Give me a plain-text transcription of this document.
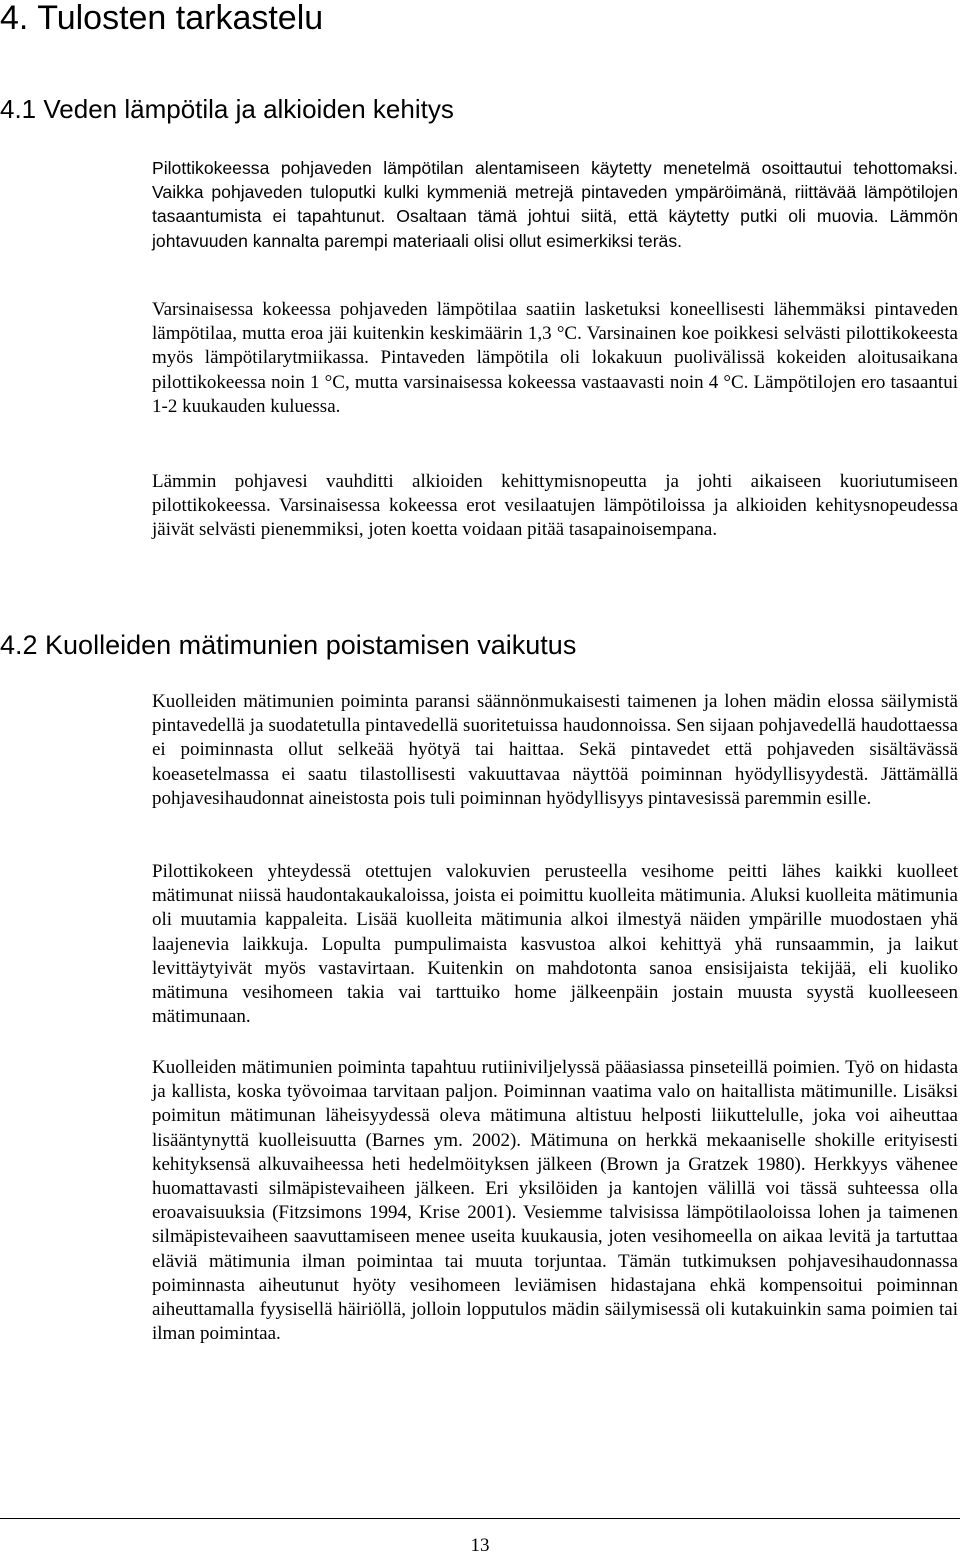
4. Tulosten tarkastelu
4.1 Veden lämpötila ja alkioiden kehitys

Pilottikokeessa pohjaveden lämpötilan alentamiseen käytetty menetelmä osoittautui tehottomaksi. Vaikka pohjaveden tuloputki kulki kymmeniä metrejä pintaveden ympäröimänä, riittävää lämpötilojen tasaantumista ei tapahtunut. Osaltaan tämä johtui siitä, että käytetty putki oli muovia. Lämmön johtavuuden kannalta parempi materiaali olisi ollut esimerkiksi teräs.

Varsinaisessa kokeessa pohjaveden lämpötilaa saatiin lasketuksi koneellisesti lähemmäksi pintaveden lämpötilaa, mutta eroa jäi kuitenkin keskimäärin 1,3 °C. Varsinainen koe poikkesi selvästi pilottikokeesta myös lämpötilarytmiikassa. Pintaveden lämpötila oli lokakuun puolivälissä kokeiden aloitusaikana pilottikokeessa noin 1 °C, mutta varsinaisessa kokeessa vastaavasti noin 4 °C. Lämpötilojen ero tasaantui 1-2 kuukauden kuluessa.

Lämmin pohjavesi vauhditti alkioiden kehittymisnopeutta ja johti aikaiseen kuoriutumiseen pilottikokeessa. Varsinaisessa kokeessa erot vesilaatujen lämpötiloissa ja alkioiden kehitysnopeudessa jäivät selvästi pienemmiksi, joten koetta voidaan pitää tasapainoisempana.

4.2 Kuolleiden mätimunien poistamisen vaikutus

Kuolleiden mätimunien poiminta paransi säännönmukaisesti taimenen ja lohen mädin elossa säilymistä pintavedellä ja suodatetulla pintavedellä suoritetuissa haudonnoissa. Sen sijaan pohjavedellä haudottaessa ei poiminnasta ollut selkeää hyötyä tai haittaa. Sekä pintavedet että pohjaveden sisältävässä koeasetelmassa ei saatu tilastollisesti vakuuttavaa näyttöä poiminnan hyödyllisyydestä. Jättämällä pohjavesihaudonnat aineistosta pois tuli poiminnan hyödyllisyys pintavesissä paremmin esille.

Pilottikokeen yhteydessä otettujen valokuvien perusteella vesihome peitti lähes kaikki kuolleet mätimunat niissä haudontakaukaloissa, joista ei poimittu kuolleita mätimunia. Aluksi kuolleita mätimunia oli muutamia kappaleita. Lisää kuolleita mätimunia alkoi ilmestyä näiden ympärille muodostaen yhä laajenevia laikkuja. Lopulta pumpulimaista kasvustoa alkoi kehittyä yhä runsaammin, ja laikut levittäytyivät myös vastavirtaan. Kuitenkin on mahdotonta sanoa ensisijaista tekijää, eli kuoliko mätimuna vesihomeen takia vai tarttuiko home jälkeenpäin jostain muusta syystä kuolleeseen mätimunaan.

Kuolleiden mätimunien poiminta tapahtuu rutiiniviljelyssä pääasiassa pinseteillä poimien. Työ on hidasta ja kallista, koska työvoimaa tarvitaan paljon. Poiminnan vaatima valo on haitallista mätimunille. Lisäksi poimitun mätimunan läheisyydessä oleva mätimuna altistuu helposti liikuttelulle, joka voi aiheuttaa lisääntynyttä kuolleisuutta (Barnes ym. 2002). Mätimuna on herkkä mekaaniselle shokille erityisesti kehityksensä alkuvaiheessa heti hedelmöityksen jälkeen (Brown ja Gratzek 1980). Herkkyys vähenee huomattavasti silmäpistevaiheen jälkeen. Eri yksilöiden ja kantojen välillä voi tässä suhteessa olla eroavaisuuksia (Fitzsimons 1994, Krise 2001). Vesiemme talvisissa lämpötilaoloissa lohen ja taimenen silmäpistevaiheen saavuttamiseen menee useita kuukausia, joten vesihomeella on aikaa levitä ja tartuttaa eläviä mätimunia ilman poimintaa tai muuta torjuntaa. Tämän tutkimuksen pohjavesihaudonnassa poiminnasta aiheutunut hyöty vesihomeen leviämisen hidastajana ehkä kompensoitui poiminnan aiheuttamalla fyysisellä häiriöllä, jolloin lopputulos mädin säilymisessä oli kutakuinkin sama poimien tai ilman poimintaa.

13
